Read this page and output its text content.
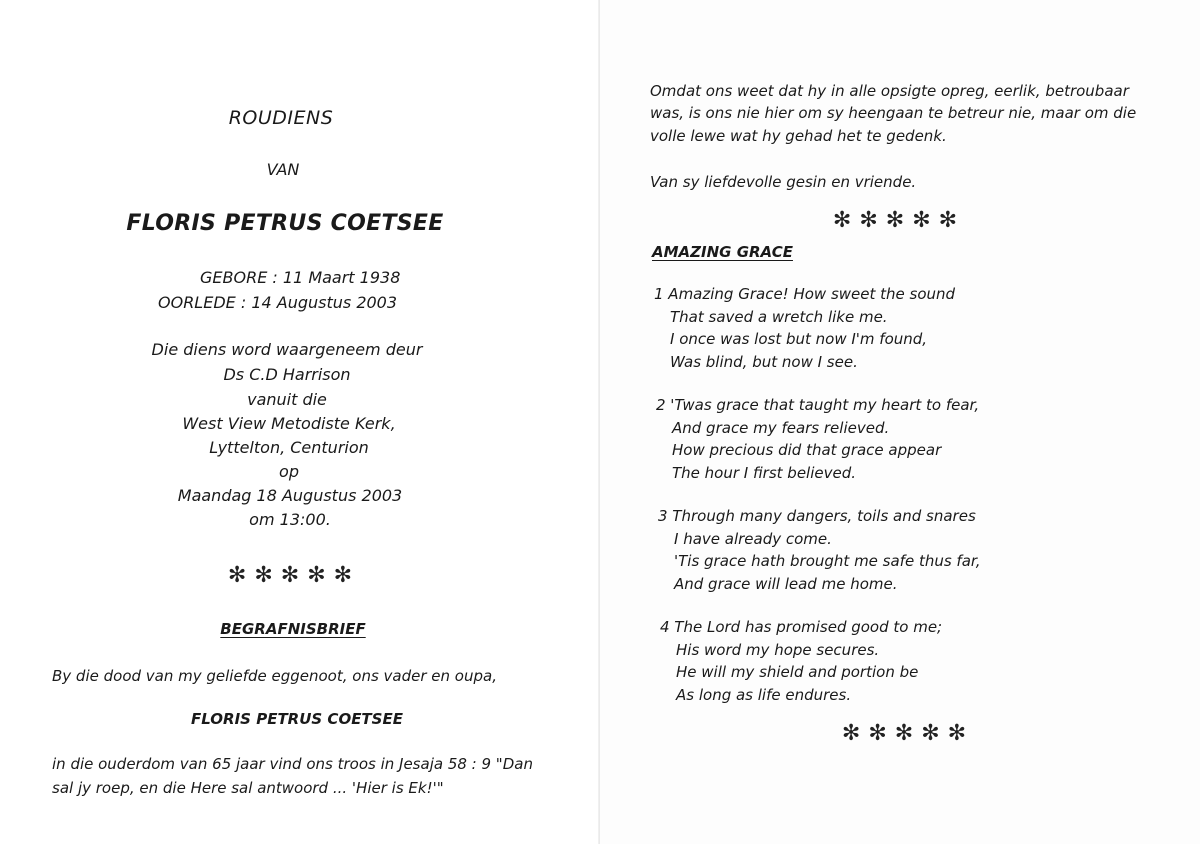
ROUDIENS
VAN
FLORIS PETRUS COETSEE
GEBORE : 11 Maart 1938
OORLEDE : 14 Augustus 2003
Die diens word waargeneem deur
Ds C.D Harrison
vanuit die
West View Metodiste Kerk,
Lyttelton, Centurion
op
Maandag 18 Augustus 2003
om 13:00.
✻✻✻✻✻
BEGRAFNISBRIEF
By die dood van my geliefde eggenoot, ons vader en oupa,
FLORIS PETRUS COETSEE
in die ouderdom van 65 jaar vind ons troos in Jesaja 58 : 9 "Dan
sal jy roep, en die Here sal antwoord ... 'Hier is Ek!'"
Omdat ons weet dat hy in alle opsigte opreg, eerlik, betroubaar
was, is ons nie hier om sy heengaan te betreur nie, maar om die
volle lewe wat hy gehad het te gedenk.
Van sy liefdevolle gesin en vriende.
✻✻✻✻✻
AMAZING GRACE
1 Amazing Grace! How sweet the sound
That saved a wretch like me.
I once was lost but now I'm found,
Was blind, but now I see.
2 'Twas grace that taught my heart to fear,
And grace my fears relieved.
How precious did that grace appear
The hour I first believed.
3 Through many dangers, toils and snares
I have already come.
'Tis grace hath brought me safe thus far,
And grace will lead me home.
4 The Lord has promised good to me;
His word my hope secures.
He will my shield and portion be
As long as life endures.
✻✻✻✻✻
